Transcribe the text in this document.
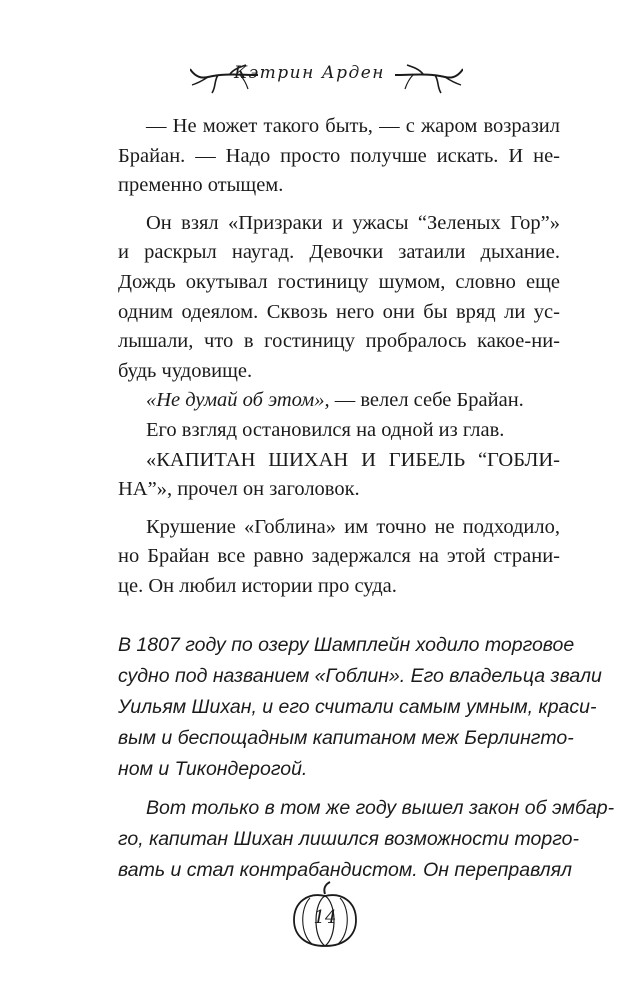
Кэтрин Арден
— Не может такого быть, — с жаром возразил
Брайан. — Надо просто получше искать. И не-
пременно отыщем.
Он взял «Призраки и ужасы “Зеленых Гор”»
и раскрыл наугад. Девочки затаили дыхание.
Дождь окутывал гостиницу шумом, словно еще
одним одеялом. Сквозь него они бы вряд ли ус-
лышали, что в гостиницу пробралось какое-ни-
будь чудовище.
«Не думай об этом», — велел себе Брайан.
Его взгляд остановился на одной из глав.
«КАПИТАН ШИХАН И ГИБЕЛЬ “ГОБЛИ-
НА”», прочел он заголовок.
Крушение «Гоблина» им точно не подходило,
но Брайан все равно задержался на этой страни-
це. Он любил истории про суда.
В 1807 году по озеру Шамплейн ходило торговое
судно под названием «Гоблин». Его владельца звали
Уильям Шихан, и его считали самым умным, краси-
вым и беспощадным капитаном меж Берлингто-
ном и Тикондерогой.
Вот только в том же году вышел закон об эмбар-
го, капитан Шихан лишился возможности торго-
вать и стал контрабандистом. Он переправлял
14
